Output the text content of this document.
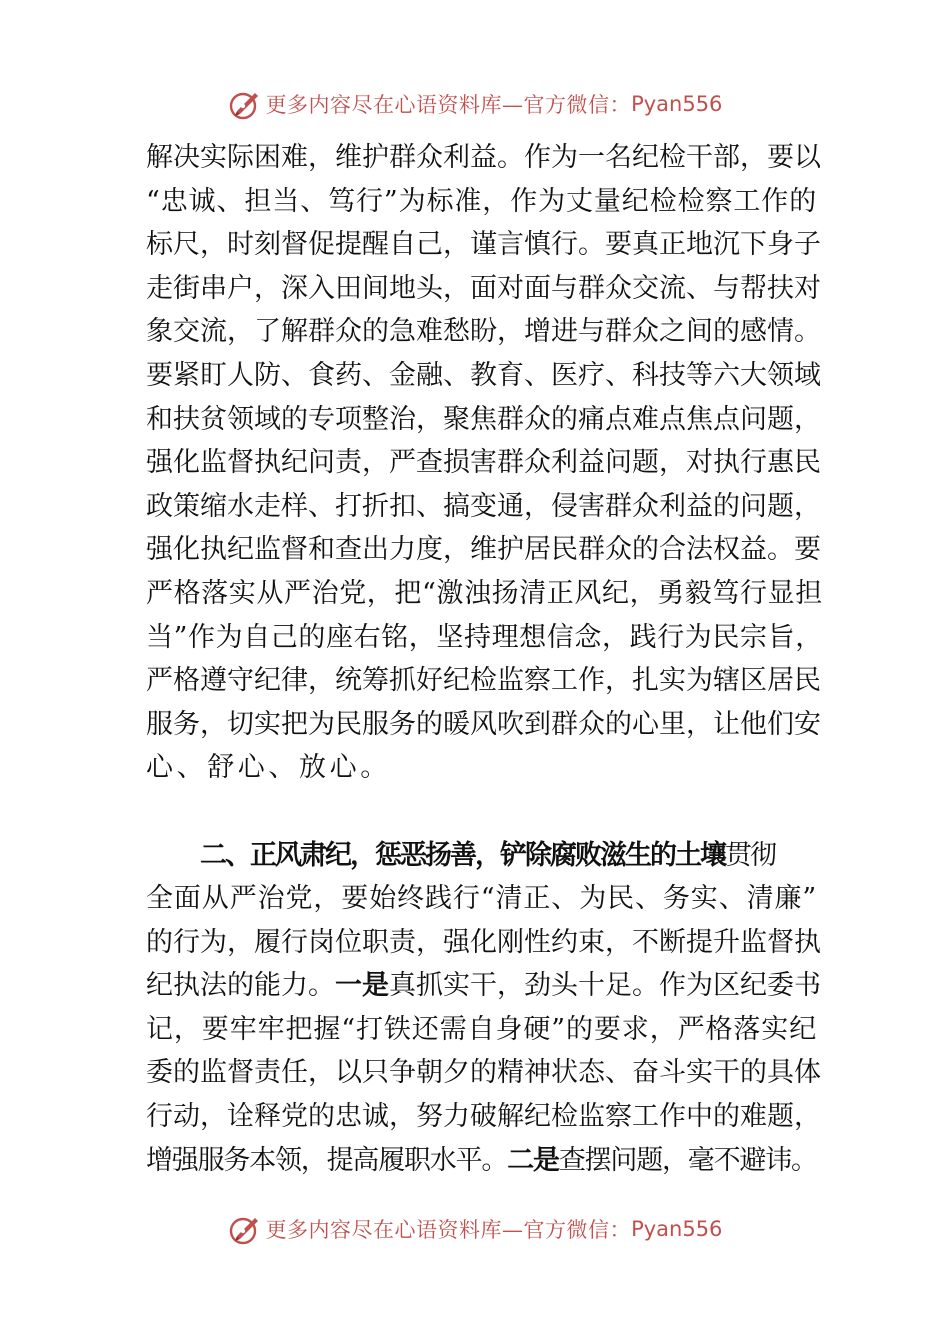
更多内容尽在心语资料库—官方微信： Pyan556
解决实际困难，维护群众利益。作为一名纪检干部，要以
“忠诚、担当、笃行”为标准，作为丈量纪检检察工作的
标尺，时刻督促提醒自己，谨言慎行。要真正地沉下身子
走街串户，深入田间地头，面对面与群众交流、与帮扶对
象交流，了解群众的急难愁盼，增进与群众之间的感情。
要紧盯人防、食药、金融、教育、医疗、科技等六大领域
和扶贫领域的专项整治，聚焦群众的痛点难点焦点问题，
强化监督执纪问责，严查损害群众利益问题，对执行惠民
政策缩水走样、打折扣、搞变通，侵害群众利益的问题，
强化执纪监督和查出力度，维护居民群众的合法权益。要
严格落实从严治党，把“激浊扬清正风纪，勇毅笃行显担
当”作为自己的座右铭，坚持理想信念，践行为民宗旨，
严格遵守纪律，统筹抓好纪检监察工作，扎实为辖区居民
服务，切实把为民服务的暖风吹到群众的心里，让他们安
心、舒心、放心。
二、正风肃纪，惩恶扬善，铲除腐败滋生的土壤贯彻
全面从严治党，要始终践行“清正、为民、务实、清廉”
的行为，履行岗位职责，强化刚性约束，不断提升监督执
纪执法的能力。一是真抓实干，劲头十足。作为区纪委书
记，要牢牢把握“打铁还需自身硬”的要求，严格落实纪
委的监督责任，以只争朝夕的精神状态、奋斗实干的具体
行动，诠释党的忠诚，努力破解纪检监察工作中的难题，
增强服务本领，提高履职水平。二是查摆问题，毫不避讳。
更多内容尽在心语资料库—官方微信： Pyan556
